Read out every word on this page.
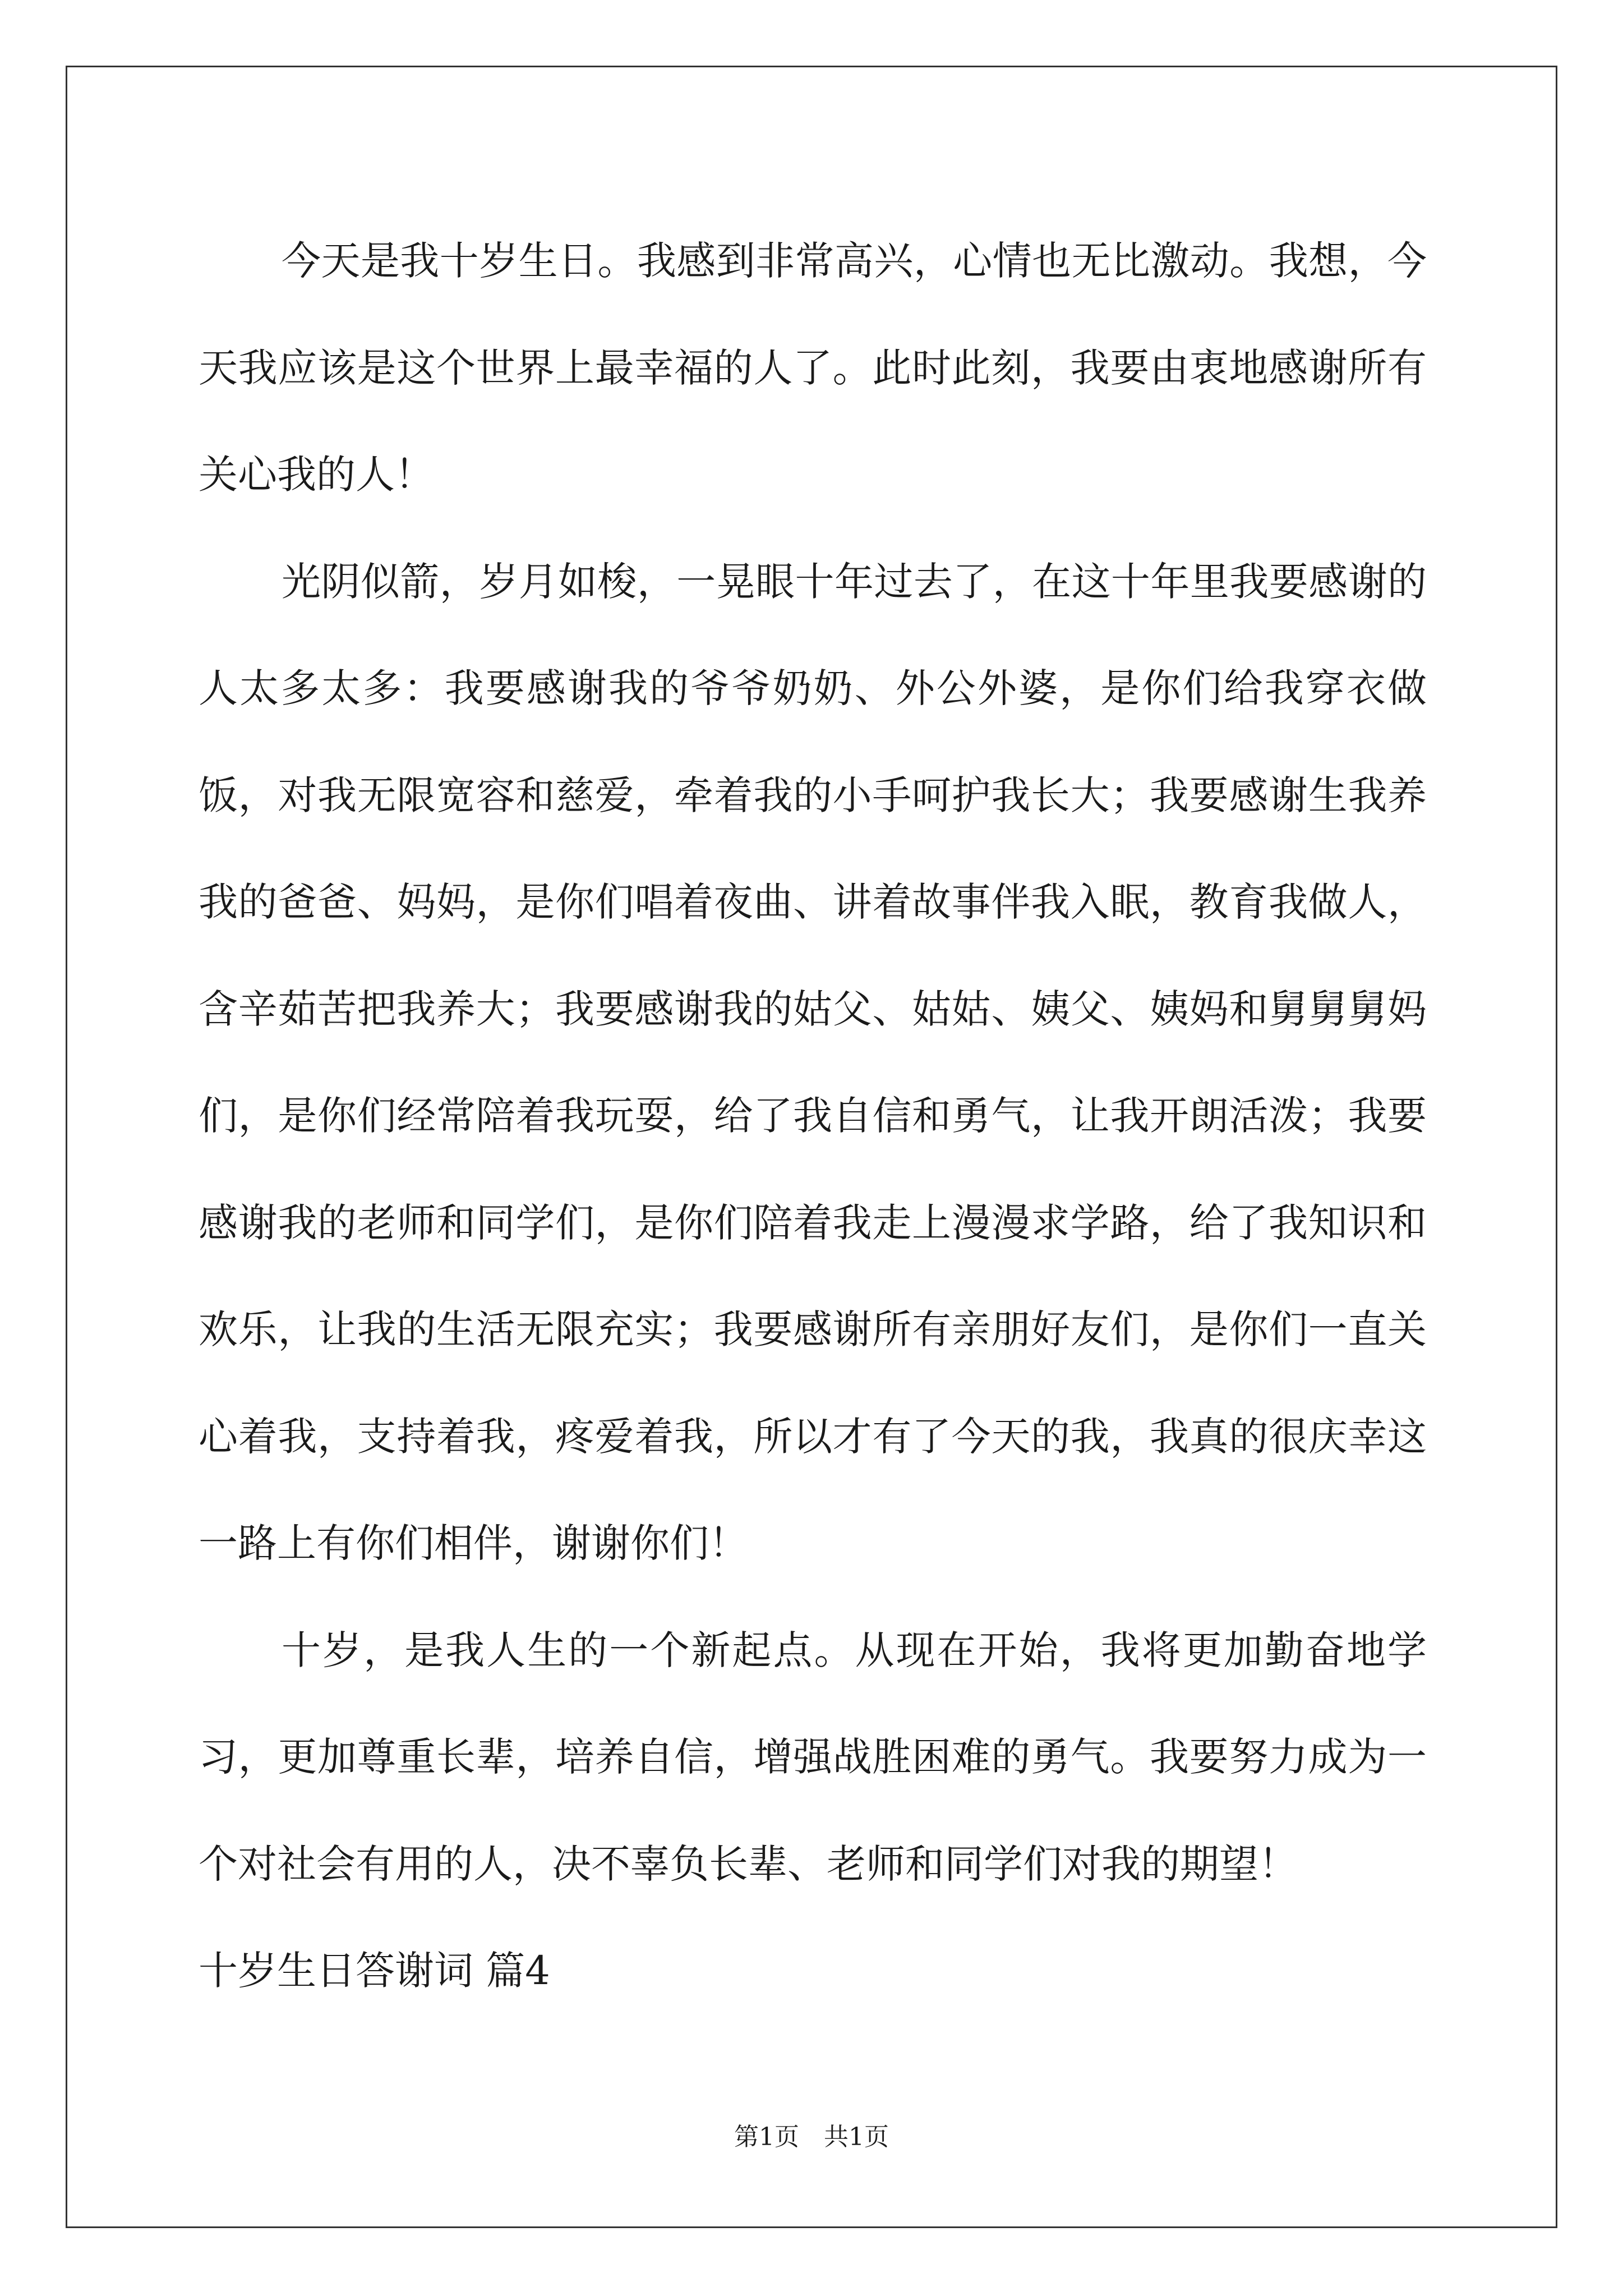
今天是我十岁生日。我感到非常高兴，心情也无比激动。我想，今天我应该是这个世界上最幸福的人了。此时此刻，我要由衷地感谢所有关心我的人！

光阴似箭，岁月如梭，一晃眼十年过去了，在这十年里我要感谢的人太多太多：我要感谢我的爷爷奶奶、外公外婆，是你们给我穿衣做饭，对我无限宽容和慈爱，牵着我的小手呵护我长大；我要感谢生我养我的爸爸、妈妈，是你们唱着夜曲、讲着故事伴我入眠，教育我做人，含辛茹苦把我养大；我要感谢我的姑父、姑姑、姨父、姨妈和舅舅舅妈们，是你们经常陪着我玩耍，给了我自信和勇气，让我开朗活泼；我要感谢我的老师和同学们，是你们陪着我走上漫漫求学路，给了我知识和欢乐，让我的生活无限充实；我要感谢所有亲朋好友们，是你们一直关心着我，支持着我，疼爱着我，所以才有了今天的我，我真的很庆幸这一路上有你们相伴，谢谢你们！

十岁，是我人生的一个新起点。从现在开始，我将更加勤奋地学习，更加尊重长辈，培养自信，增强战胜困难的勇气。我要努力成为一个对社会有用的人，决不辜负长辈、老师和同学们对我的期望！

十岁生日答谢词 篇4

第1页　共1页
